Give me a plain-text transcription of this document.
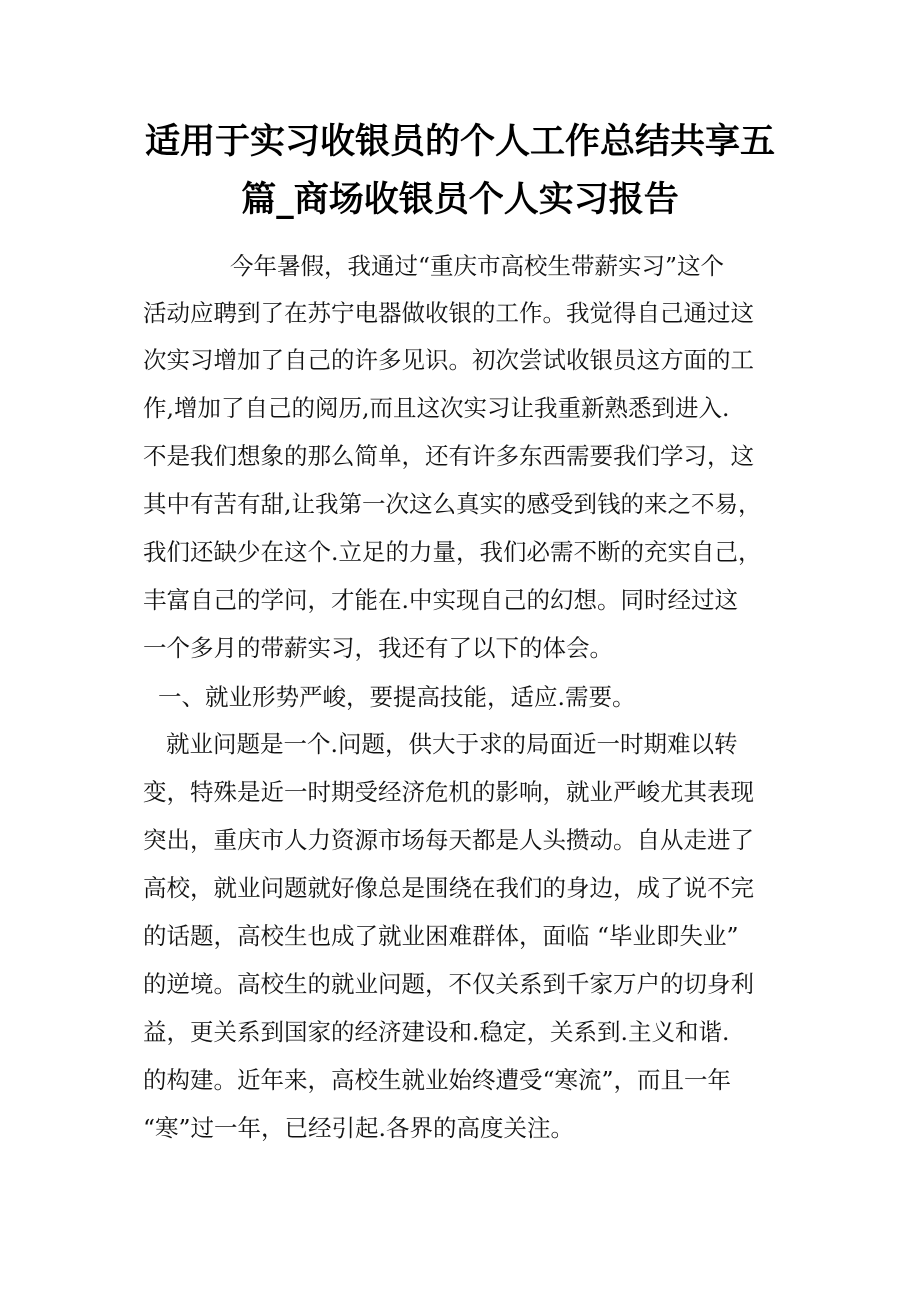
适用于实习收银员的个人工作总结共享五
篇_商场收银员个人实习报告
今年暑假，我通过“重庆市高校生带薪实习”这个
活动应聘到了在苏宁电器做收银的工作。我觉得自己通过这
次实习增加了自己的许多见识。初次尝试收银员这方面的工
作,增加了自己的阅历,而且这次实习让我重新熟悉到进入.
不是我们想象的那么简单，还有许多东西需要我们学习，这
其中有苦有甜,让我第一次这么真实的感受到钱的来之不易，
我们还缺少在这个.立足的力量，我们必需不断的充实自己，
丰富自己的学问，才能在.中实现自己的幻想。同时经过这
一个多月的带薪实习，我还有了以下的体会。
一、就业形势严峻，要提高技能，适应.需要。
就业问题是一个.问题，供大于求的局面近一时期难以转
变，特殊是近一时期受经济危机的影响，就业严峻尤其表现
突出，重庆市人力资源市场每天都是人头攒动。自从走进了
高校，就业问题就好像总是围绕在我们的身边，成了说不完
的话题，高校生也成了就业困难群体，面临 “毕业即失业”
的逆境。高校生的就业问题，不仅关系到千家万户的切身利
益，更关系到国家的经济建设和.稳定，关系到.主义和谐.
的构建。近年来，高校生就业始终遭受“寒流”，而且一年
“寒”过一年，已经引起.各界的高度关注。
